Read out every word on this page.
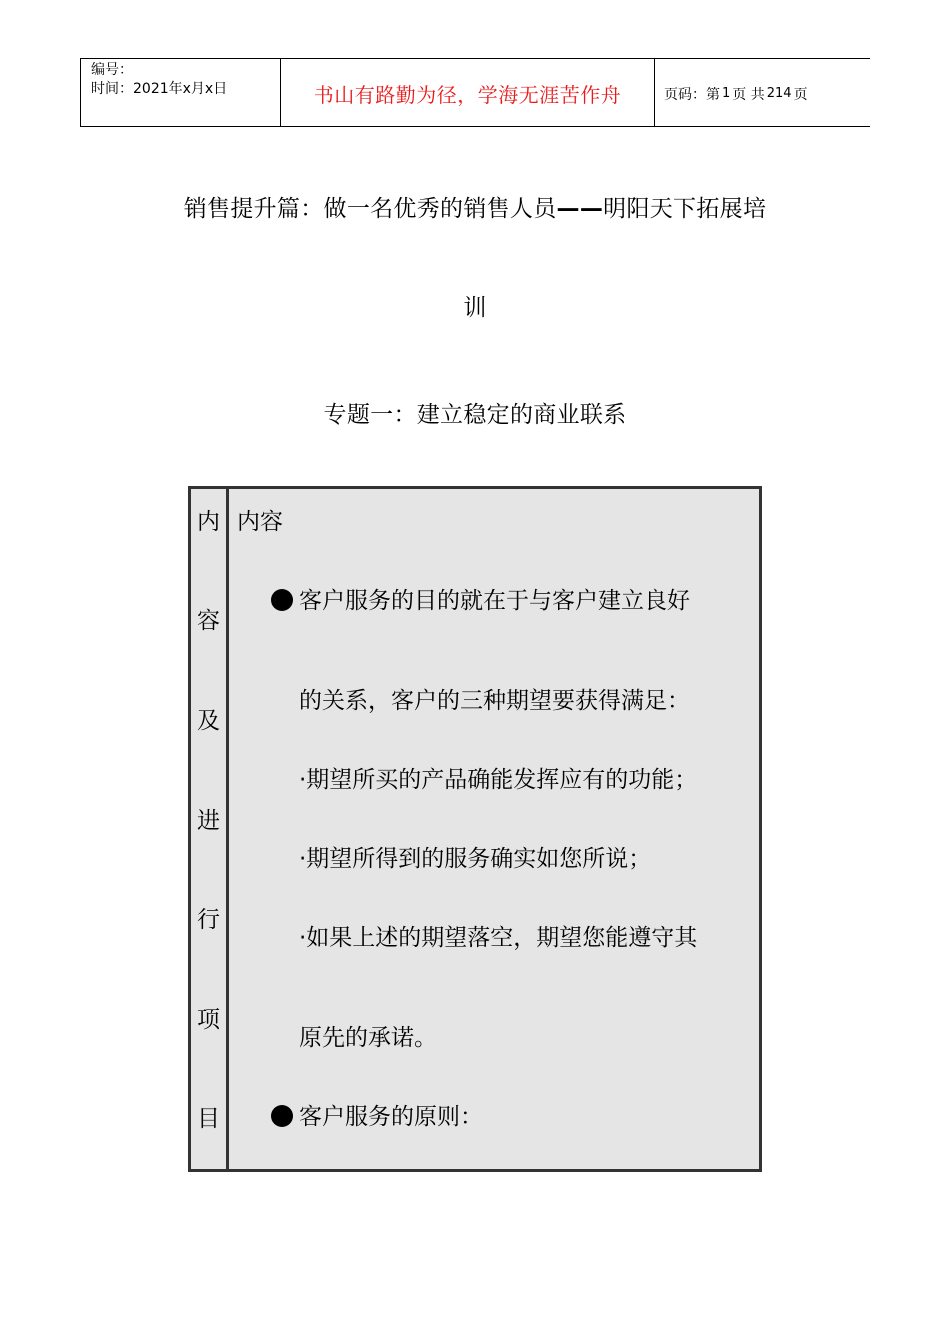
编号：
时间：2021年x月x日	书山有路勤为径，学海无涯苦作舟	页码：第 1 页 共 214 页
销售提升篇：做一名优秀的销售人员——明阳天下拓展培
训
专题一：建立稳定的商业联系
内
容
及
进
行
项
目
内容
客户服务的目的就在于与客户建立良好
的关系，客户的三种期望要获得满足：
·期望所买的产品确能发挥应有的功能；
·期望所得到的服务确实如您所说；
·如果上述的期望落空，期望您能遵守其
原先的承诺。
客户服务的原则：
